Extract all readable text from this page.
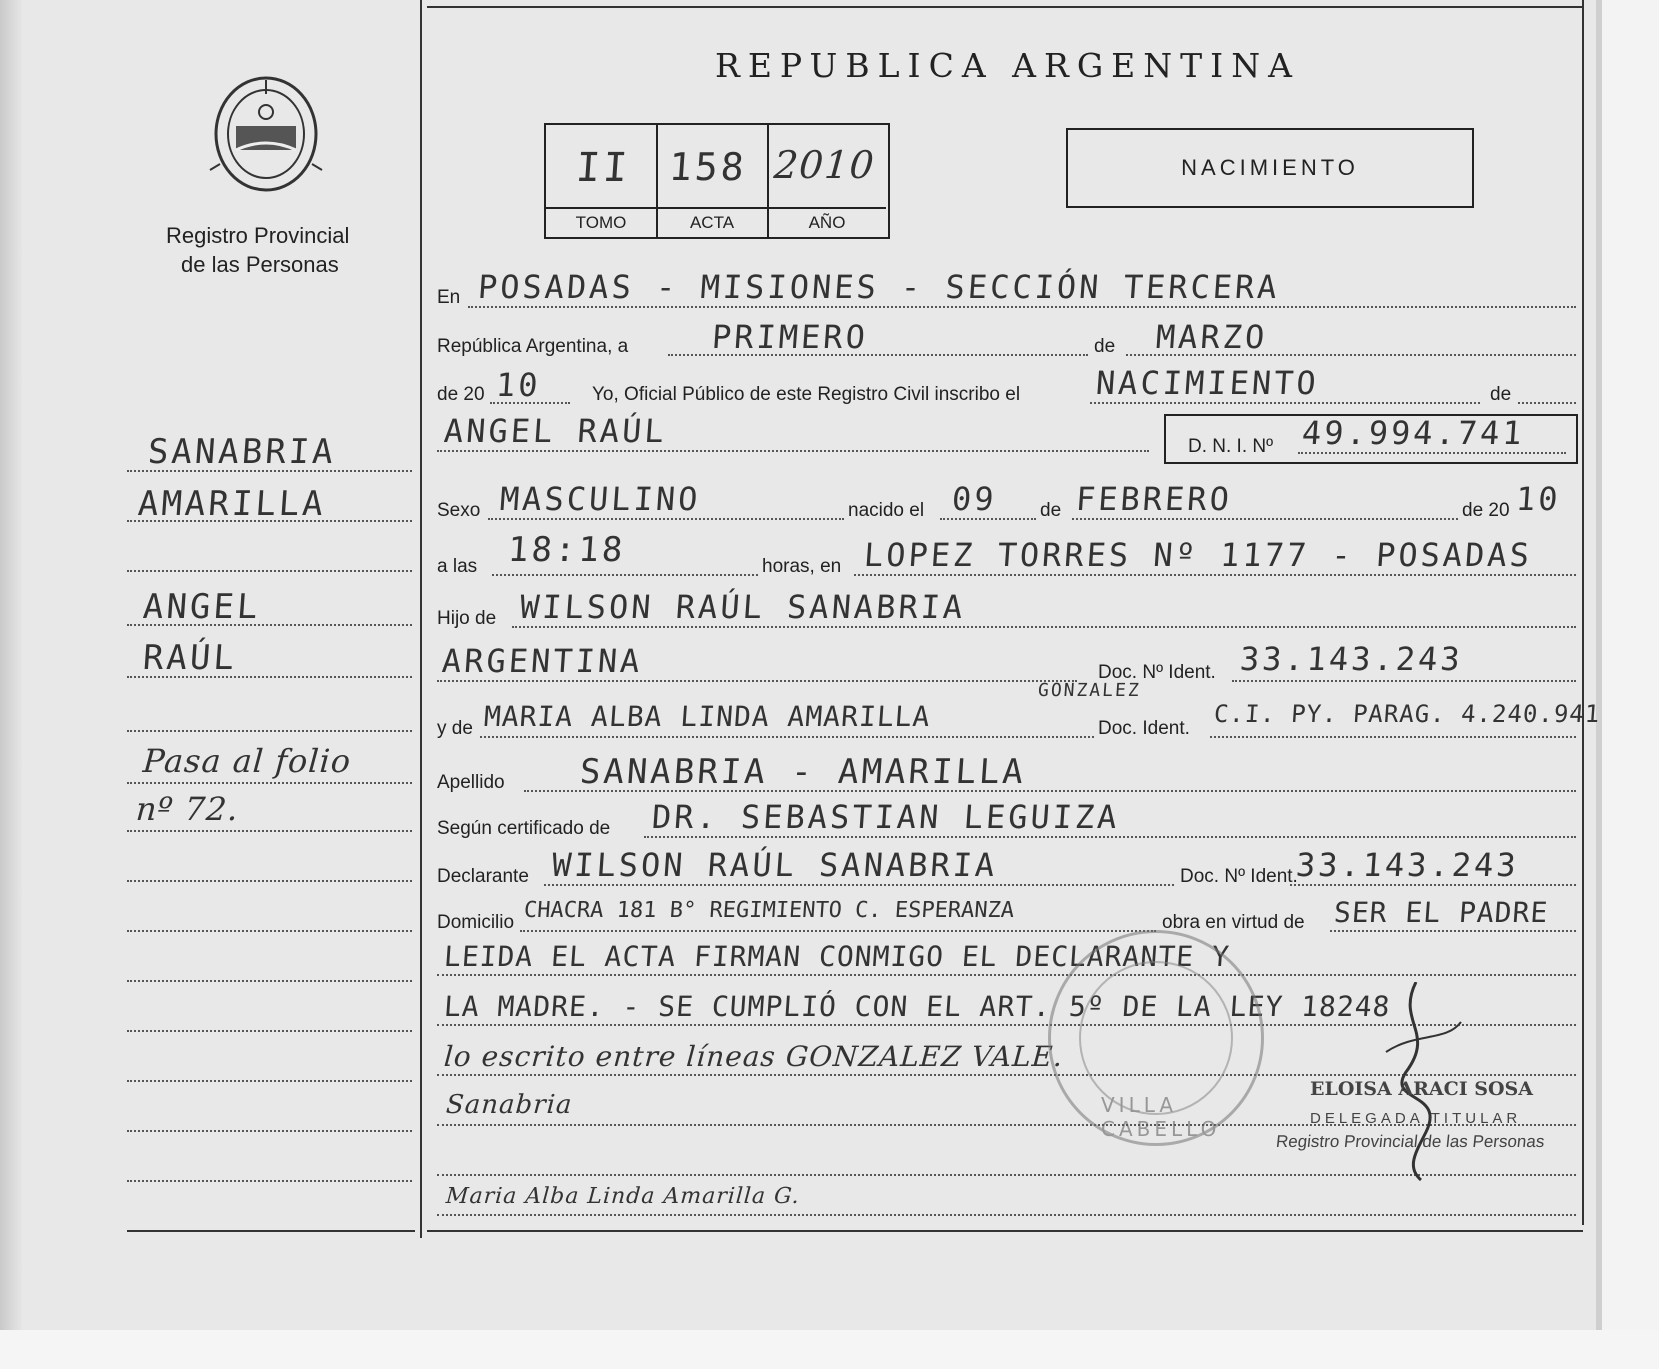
Registro Provincial
de las Personas
REPUBLICA ARGENTINA
II 158 2010
TOMO	ACTA	AÑO
NACIMIENTO
SANABRIA
AMARILLA
ANGEL
RAÚL
Pasa al folio
nº 72.
En POSADAS - MISIONES - SECCIÓN TERCERA
República Argentina, a	PRIMERO	de MARZO
de 20 10	Yo, Oficial Público de este Registro Civil inscribo el NACIMIENTO	de
ANGEL RAÚL	D. N. I. Nº 49.994.741
Sexo MASCULINO	nacido el 09 de FEBRERO	de 20 10
a las 18:18	horas, en LOPEZ TORRES Nº 1177 - POSADAS
Hijo de WILSON RAÚL SANABRIA
ARGENTINA	Doc. Nº Ident. 33.143.243
y de MARIA ALBA LINDA AMARILLA
GONZALEZ
Doc. Ident.
C.I. PY. PARAG. 4.240.941
Apellido SANABRIA - AMARILLA
Según certificado de DR. SEBASTIAN LEGUIZA
Declarante WILSON RAÚL SANABRIA	Doc. Nº Ident.
33.143.243
Domicilio CHACRA 181 B° REGIMIENTO C. ESPERANZA	obra en virtud de SER EL PADRE
LEIDA EL ACTA FIRMAN CONMIGO EL DECLARANTE Y
LA MADRE. - SE CUMPLIÓ CON EL ART. 5º DE LA LEY 18248
lo escrito entre líneas GONZALEZ VALE.
Sanabria
Maria Alba Linda Amarilla G.
VILLA CABELLO
ELOISA ARACI SOSA
DELEGADA TITULAR
Registro Provincial de las Personas
